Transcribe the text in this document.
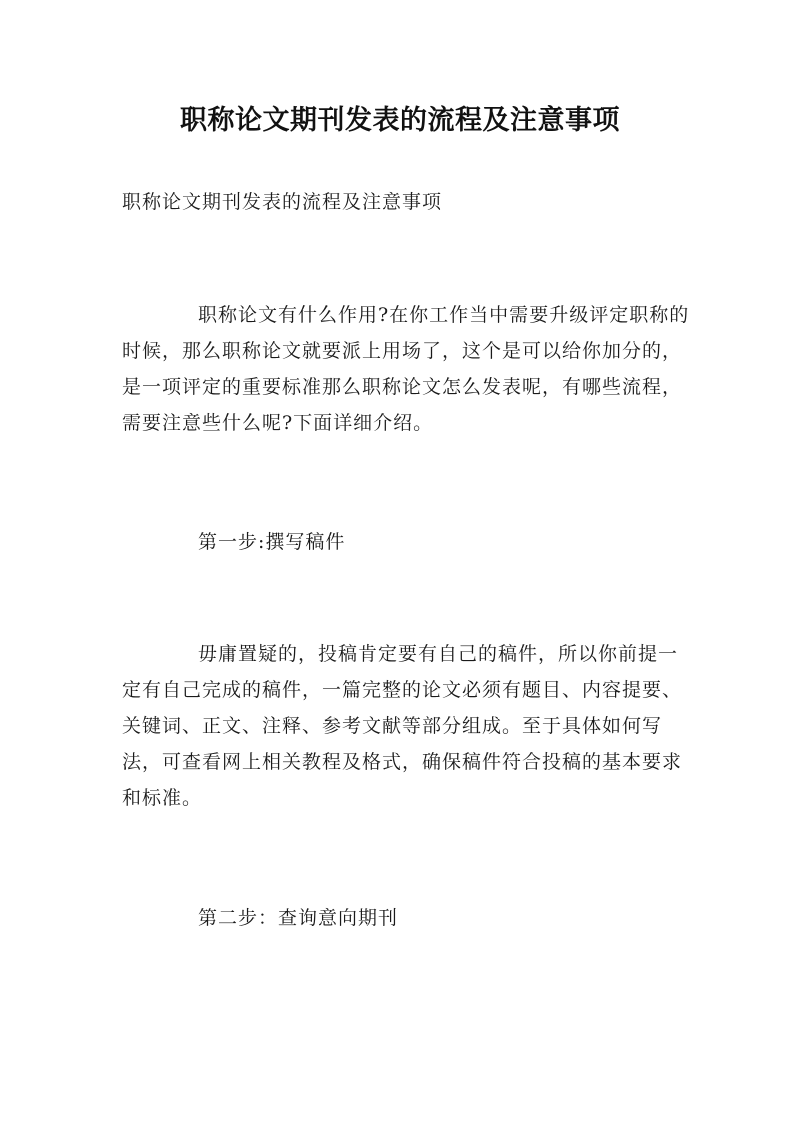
职称论文期刊发表的流程及注意事项
职称论文期刊发表的流程及注意事项

职称论文有什么作用?在你工作当中需要升级评定职称的时候，那么职称论文就要派上用场了，这个是可以给你加分的，是一项评定的重要标准那么职称论文怎么发表呢，有哪些流程，需要注意些什么呢?下面详细介绍。

第一步:撰写稿件

毋庸置疑的，投稿肯定要有自己的稿件，所以你前提一定有自己完成的稿件，一篇完整的论文必须有题目、内容提要、关键词、正文、注释、参考文献等部分组成。至于具体如何写法，可查看网上相关教程及格式，确保稿件符合投稿的基本要求和标准。

第二步：查询意向期刊
